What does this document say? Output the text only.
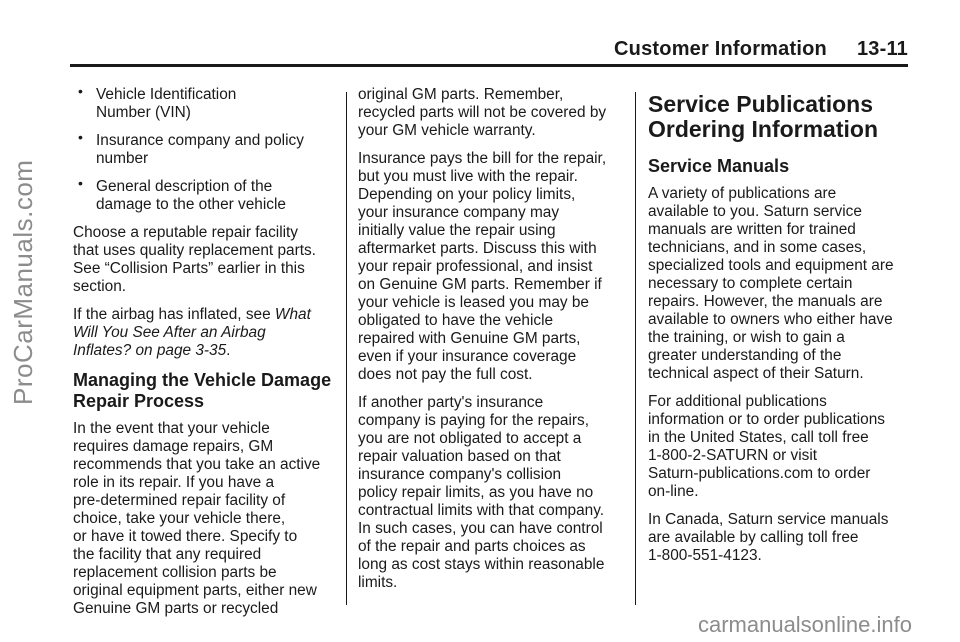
Customer Information 13-11
ProCarManuals.com
carmanualsonline.info
• Vehicle Identification
Number (VIN)
• Insurance company and policy
number
• General description of the
damage to the other vehicle

Choose a reputable repair facility
that uses quality replacement parts.
See “Collision Parts” earlier in this
section.

If the airbag has inflated, see What
Will You See After an Airbag
Inflates? on page 3‑35.

Managing the Vehicle Damage
Repair Process

In the event that your vehicle
requires damage repairs, GM
recommends that you take an active
role in its repair. If you have a
pre-determined repair facility of
choice, take your vehicle there,
or have it towed there. Specify to
the facility that any required
replacement collision parts be
original equipment parts, either new
Genuine GM parts or recycled

original GM parts. Remember,
recycled parts will not be covered by
your GM vehicle warranty.

Insurance pays the bill for the repair,
but you must live with the repair.
Depending on your policy limits,
your insurance company may
initially value the repair using
aftermarket parts. Discuss this with
your repair professional, and insist
on Genuine GM parts. Remember if
your vehicle is leased you may be
obligated to have the vehicle
repaired with Genuine GM parts,
even if your insurance coverage
does not pay the full cost.

If another party's insurance
company is paying for the repairs,
you are not obligated to accept a
repair valuation based on that
insurance company's collision
policy repair limits, as you have no
contractual limits with that company.
In such cases, you can have control
of the repair and parts choices as
long as cost stays within reasonable
limits.

Service Publications
Ordering Information
Service Manuals

A variety of publications are
available to you. Saturn service
manuals are written for trained
technicians, and in some cases,
specialized tools and equipment are
necessary to complete certain
repairs. However, the manuals are
available to owners who either have
the training, or wish to gain a
greater understanding of the
technical aspect of their Saturn.

For additional publications
information or to order publications
in the United States, call toll free
1-800-2-SATURN or visit
Saturn-publications.com to order
on-line.

In Canada, Saturn service manuals
are available by calling toll free
1-800-551-4123.
